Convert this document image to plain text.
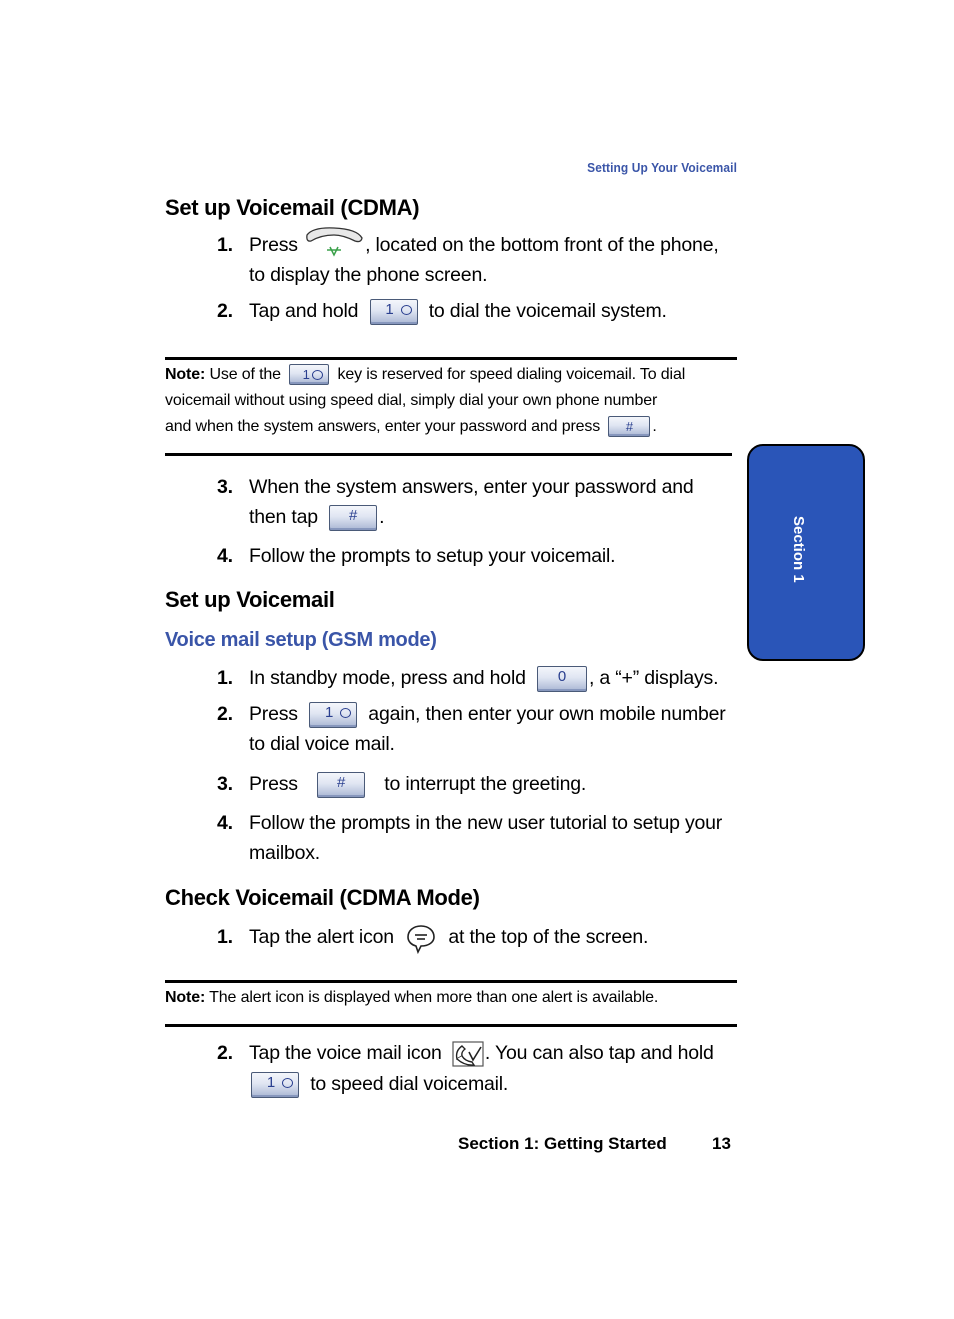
Setting Up Your Voicemail
Section 1
Set up Voicemail (CDMA)
1. Press	, located on the bottom front of the phone,
to display the phone screen.
2. Tap and hold 1 to dial the voicemail system.
Note: Use of the 1 key is reserved for speed dialing voicemail. To dial
voicemail without using speed dial, simply dial your own phone number
and when the system answers, enter your password and press # .
3. When the system answers, enter your password and
then tap # .
4. Follow the prompts to setup your voicemail.
Set up Voicemail
Voice mail setup (GSM mode)
1. In standby mode, press and hold 0 , a “+” displays.
2. Press 1 again, then enter your own mobile number
to dial voice mail.
3. Press	# to interrupt the greeting.
4. Follow the prompts in the new user tutorial to setup your
mailbox.
Check Voicemail (CDMA Mode)
1. Tap the alert icon	at the top of the screen.
Note: The alert icon is displayed when more than one alert is available.
2. Tap the voice mail icon . You can also tap and hold
1 to speed dial voicemail.
Section 1: Getting Started	13
